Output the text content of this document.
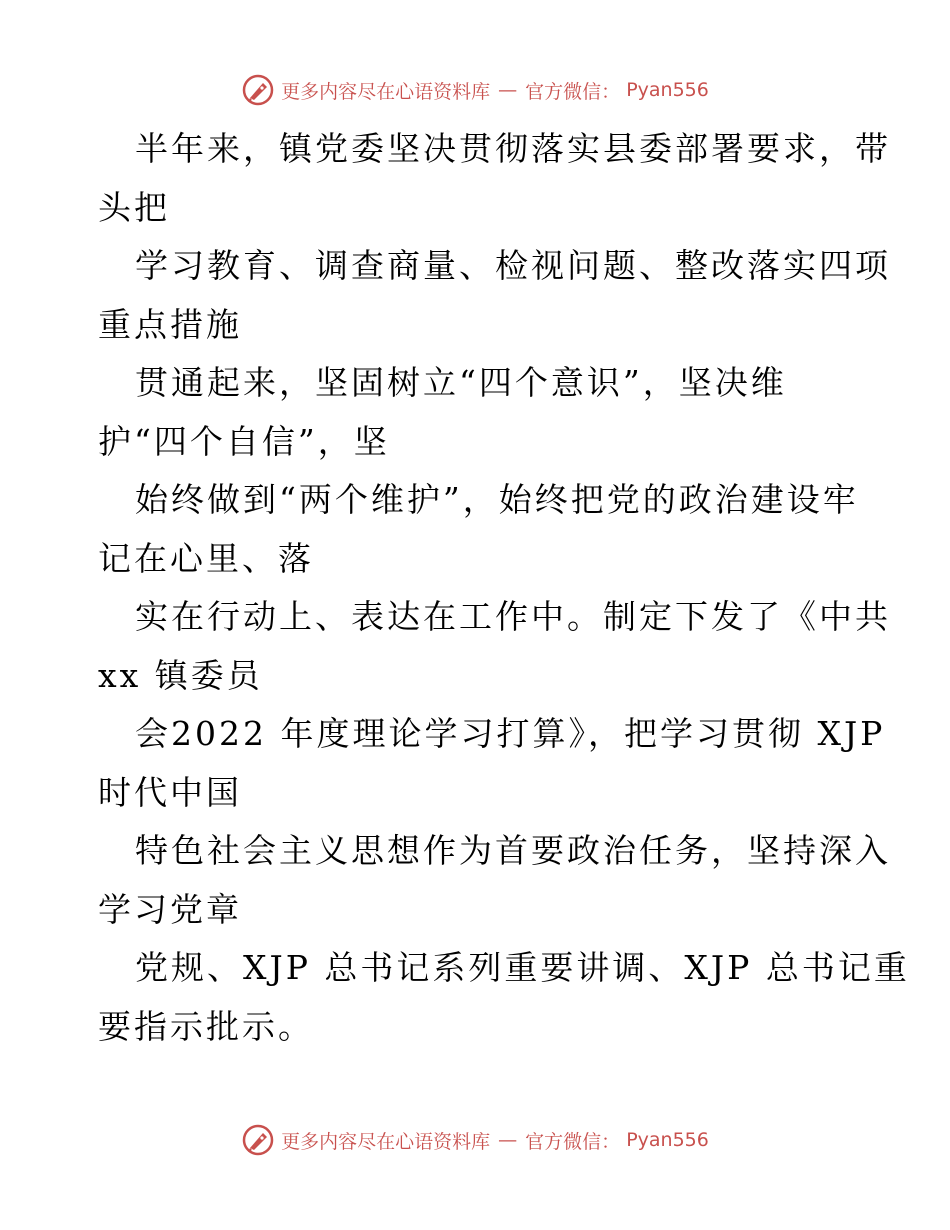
更多内容尽在心语资料库 — 官方微信： Pyan556
半年来，镇党委坚决贯彻落实县委部署要求，带
头把
学习教育、调查商量、检视问题、整改落实四项
重点措施
贯通起来，坚固树立“四个意识”，坚决维
护“四个自信”，坚
始终做到“两个维护”，始终把党的政治建设牢
记在心里、落
实在行动上、表达在工作中。制定下发了《中共
xx 镇委员
会2022 年度理论学习打算》，把学习贯彻 XJP
时代中国
特色社会主义思想作为首要政治任务，坚持深入
学习党章
党规、XJP 总书记系列重要讲调、XJP 总书记重
要指示批示。
更多内容尽在心语资料库 — 官方微信： Pyan556
